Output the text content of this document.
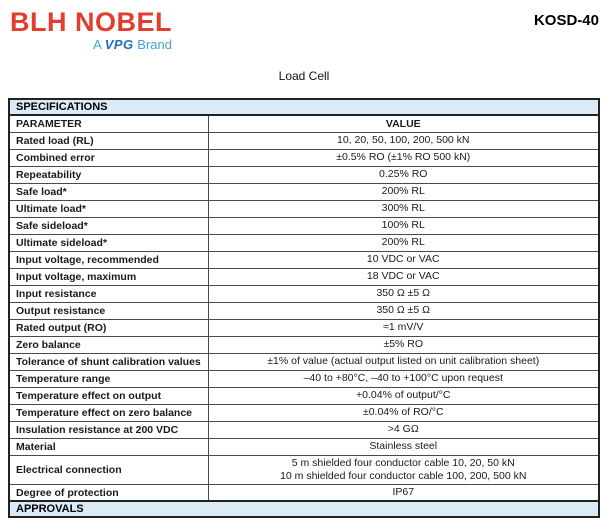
BLH NOBEL
A VPG Brand
KOSD-40
Load Cell
SPECIFICATIONS	
PARAMETER	VALUE
Rated load (RL)	10, 20, 50, 100, 200, 500 kN

Combined error	±0.5% RO (±1% RO 500 kN)

Repeatability	0.25% RO

Safe load*	200% RL

Ultimate load*	300% RL

Safe sideload*	100% RL

Ultimate sideload*	200% RL

Input voltage, recommended	10 VDC or VAC

Input voltage, maximum	18 VDC or VAC

Input resistance	350 Ω ±5 Ω

Output resistance	350 Ω ±5 Ω

Rated output (RO)	≈1 mV/V

Zero balance	±5% RO

Tolerance of shunt calibration values	±1% of value (actual output listed on unit calibration sheet)

Temperature range	–40 to +80°C, –40 to +100°C upon request

Temperature effect on output	+0.04% of output/°C

Temperature effect on zero balance	±0.04% of RO/°C

Insulation resistance at 200 VDC	>4 GΩ

Material	Stainless steel

Electrical connection	5 m shielded four conductor cable 10, 20, 50 kN
10 m shielded four conductor cable 100, 200, 500 kN

Degree of protection	IP67

APPROVALS	
